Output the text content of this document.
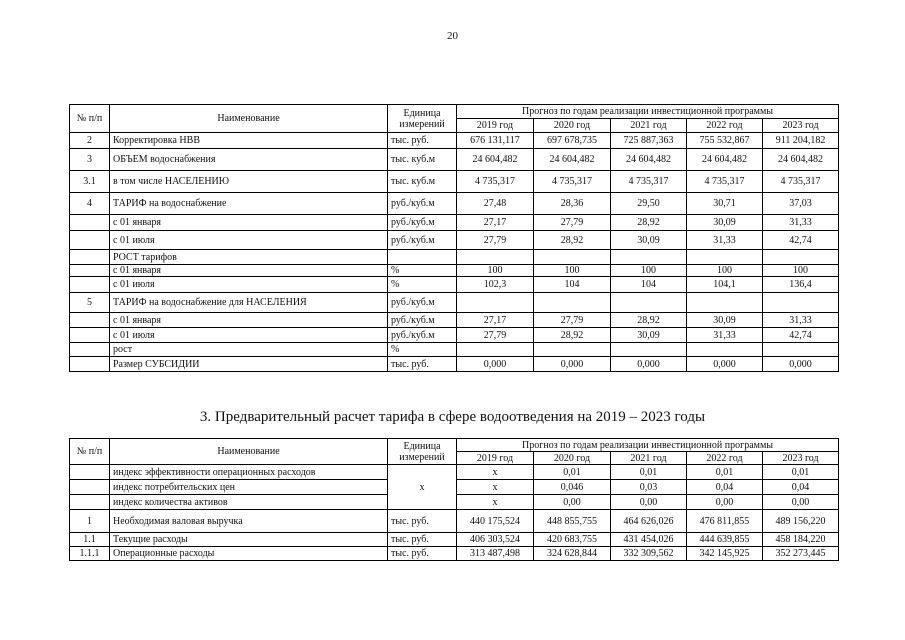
20
№ п/п	Наименование	Единица измерений	Прогноз по годам реализации инвестиционной программы				
			2019 год	2020 год	2021 год	2022 год	2023 год
2	Корректировка НВВ	тыс. руб.	676 131,117	697 678,735	725 887,363	755 532,867	911 204,182
3	ОБЪЕМ водоснабжения	тыс. куб.м	24 604,482	24 604,482	24 604,482	24 604,482	24 604,482
3.1	в том числе НАСЕЛЕНИЮ	тыс. куб.м	4 735,317	4 735,317	4 735,317	4 735,317	4 735,317
4	ТАРИФ на водоснабжение	руб./куб.м	27,48	28,36	29,50	30,71	37,03
	с 01 января	руб./куб.м	27,17	27,79	28,92	30,09	31,33
	с 01 июля	руб./куб.м	27,79	28,92	30,09	31,33	42,74
	РОСТ тарифов						
	с 01 января	%	100	100	100	100	100
	с 01 июля	%	102,3	104	104	104,1	136,4
5	ТАРИФ на водоснабжение для НАСЕЛЕНИЯ	руб./куб.м					
	с 01 января	руб./куб.м	27,17	27,79	28,92	30,09	31,33
	с 01 июля	руб./куб.м	27,79	28,92	30,09	31,33	42,74
	рост	%					
	Размер СУБСИДИИ	тыс. руб.	0,000	0,000	0,000	0,000	0,000
3. Предварительный расчет тарифа в сфере водоотведения на 2019 – 2023 годы
№ п/п	Наименование	Единица измерений	Прогноз по годам реализации инвестиционной программы				
			2019 год	2020 год	2021 год	2022 год	2023 год
	индекс эффективности операционных расходов	х	х	0,01	0,01	0,01	0,01
	индекс потребительских цен		х	0,046	0,03	0,04	0,04
	индекс количества активов		х	0,00	0,00	0,00	0,00
1	Необходимая валовая выручка	тыс. руб.	440 175,524	448 855,755	464 626,026	476 811,855	489 156,220
1.1	Текущие расходы	тыс. руб.	406 303,524	420 683,755	431 454,026	444 639,855	458 184,220
1.1.1	Операционные расходы	тыс. руб.	313 487,498	324 628,844	332 309,562	342 145,925	352 273,445
